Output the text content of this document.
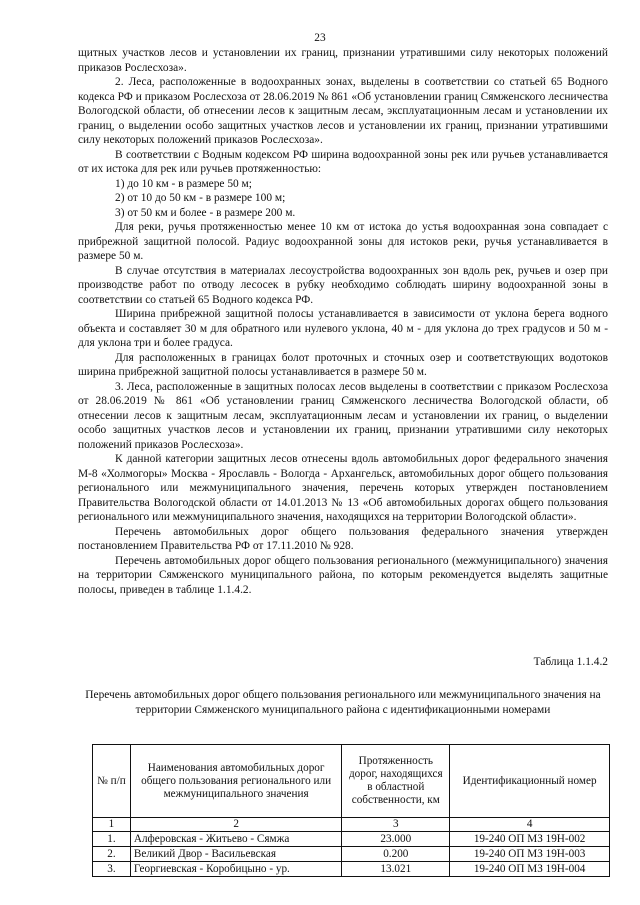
23

щитных участков лесов и установлении их границ, признании утратившими силу некоторых положений приказов Рослесхоза».

2. Леса, расположенные в водоохранных зонах, выделены в соответствии со статьей 65 Водного кодекса РФ и приказом Рослесхоза от 28.06.2019 № 861 «Об установлении границ Сямженского лесничества Вологодской области, об отнесении лесов к защитным лесам, эксплуатационным лесам и установлении их границ, о выделении особо защитных участков лесов и установлении их границ, признании утратившими силу некоторых положений приказов Рослесхоза».

В соответствии с Водным кодексом РФ ширина водоохранной зоны рек или ручьев устанавливается от их истока для рек или ручьев протяженностью:

1) до 10 км - в размере 50 м;

2) от 10 до 50 км - в размере 100 м;

3) от 50 км и более - в размере 200 м.

Для реки, ручья протяженностью менее 10 км от истока до устья водоохранная зона совпадает с прибрежной защитной полосой. Радиус водоохранной зоны для истоков реки, ручья устанавливается в размере 50 м.

В случае отсутствия в материалах лесоустройства водоохранных зон вдоль рек, ручьев и озер при производстве работ по отводу лесосек в рубку необходимо соблюдать ширину водоохранной зоны в соответствии со статьей 65 Водного кодекса РФ.

Ширина прибрежной защитной полосы устанавливается в зависимости от уклона берега водного объекта и составляет 30 м для обратного или нулевого уклона, 40 м - для уклона до трех градусов и 50 м - для уклона три и более градуса.

Для расположенных в границах болот проточных и сточных озер и соответствующих водотоков ширина прибрежной защитной полосы устанавливается в размере 50 м.

3. Леса, расположенные в защитных полосах лесов выделены в соответствии с приказом Рослесхоза от 28.06.2019 № 861 «Об установлении границ Сямженского лесничества Вологодской области, об отнесении лесов к защитным лесам, эксплуатационным лесам и установлении их границ, о выделении особо защитных участков лесов и установлении их границ, признании утратившими силу некоторых положений приказов Рослесхоза».

К данной категории защитных лесов отнесены вдоль автомобильных дорог федерального значения М-8 «Холмогоры» Москва - Ярославль - Вологда - Архангельск, автомобильных дорог общего пользования регионального или межмуниципального значения, перечень которых утвержден постановлением Правительства Вологодской области от 14.01.2013 № 13 «Об автомобильных дорогах общего пользования регионального или межмуниципального значения, находящихся на территории Вологодской области».

Перечень автомобильных дорог общего пользования федерального значения утвержден постановлением Правительства РФ от 17.11.2010 № 928.

Перечень автомобильных дорог общего пользования регионального (межмуниципального) значения на территории Сямженского муниципального района, по которым рекомендуется выделять защитные полосы, приведен в таблице 1.1.4.2.

Таблица 1.1.4.2
Перечень автомобильных дорог общего пользования регионального или межмуниципального значения на территории Сямженского муниципального района с идентификационными номерами
№ п/п	Наименования автомобильных дорог общего пользования регионального или межмуниципального значения	Протяженность дорог, находящихся в областной собственности, км	Идентификационный номер
1	2	3	4
1.	Алферовская - Житьево - Сямжа	23.000	19-240 ОП МЗ 19Н-002
2.	Великий Двор - Васильевская	0.200	19-240 ОП МЗ 19Н-003
3.	Георгиевская - Коробицыно - ур.	13.021	19-240 ОП МЗ 19Н-004
